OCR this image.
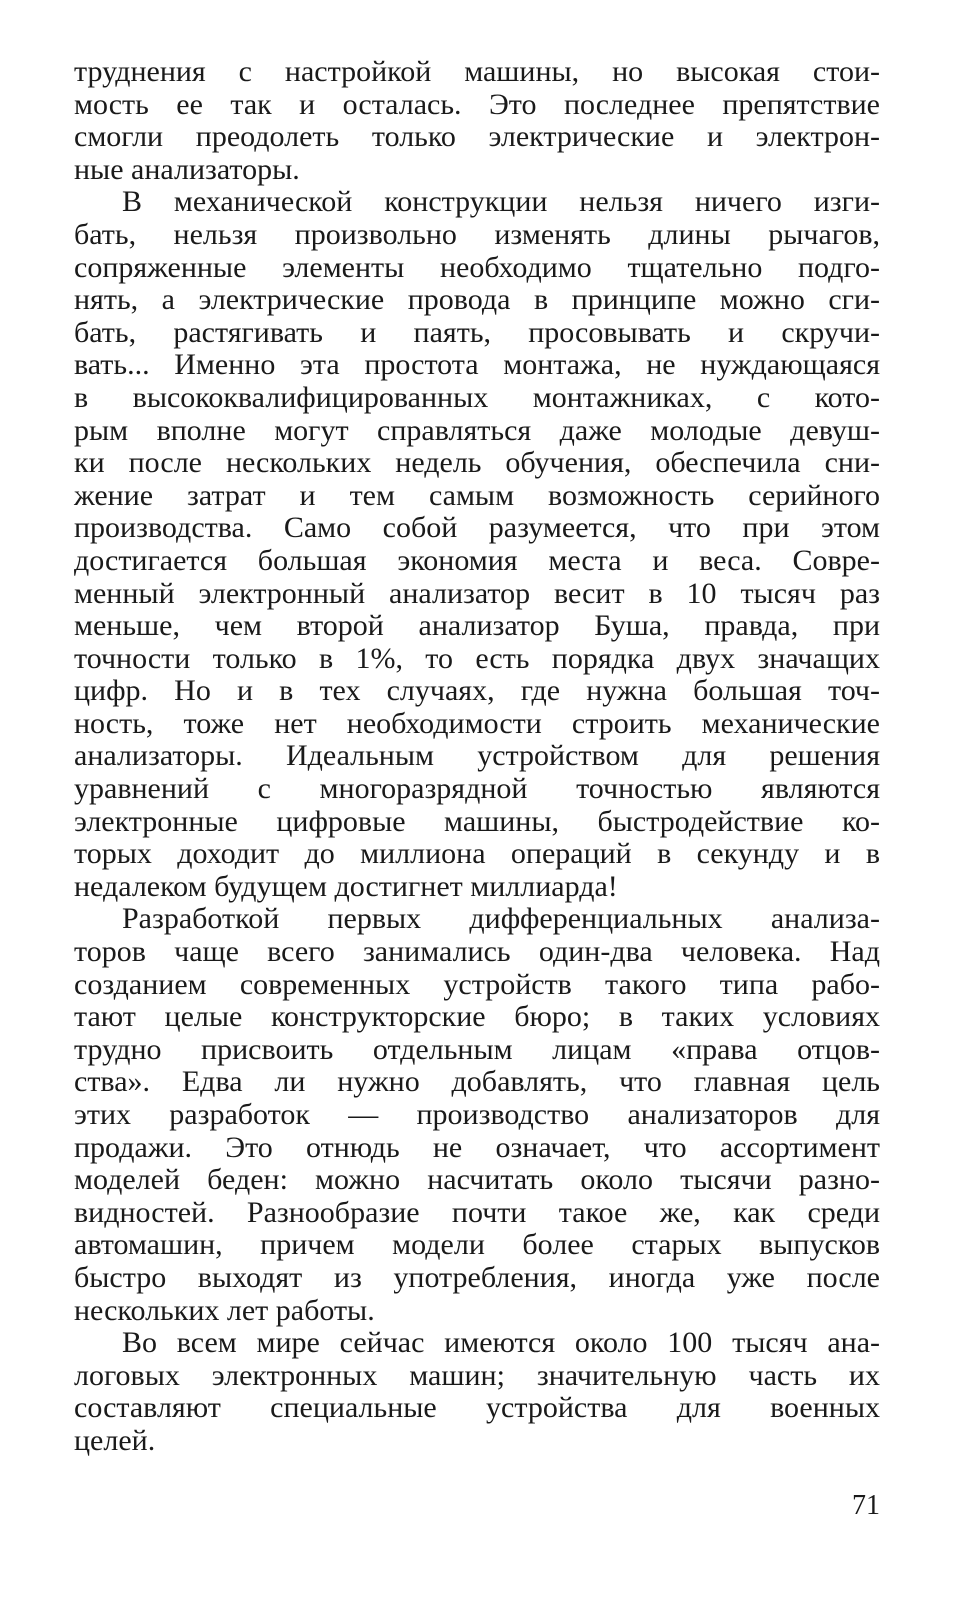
труднения с настройкой машины, но высокая стои-
мость ее так и осталась. Это последнее препятствие
смогли преодолеть только электрические и электрон-
ные анализаторы.
В механической конструкции нельзя ничего изги-
бать, нельзя произвольно изменять длины рычагов,
сопряженные элементы необходимо тщательно подго-
нять, а электрические провода в принципе можно сги-
бать, растягивать и паять, просовывать и скручи-
вать... Именно эта простота монтажа, не нуждающаяся
в высококвалифицированных монтажниках, с кото-
рым вполне могут справляться даже молодые девуш-
ки после нескольких недель обучения, обеспечила сни-
жение затрат и тем самым возможность серийного
производства. Само собой разумеется, что при этом
достигается большая экономия места и веса. Совре-
менный электронный анализатор весит в 10 тысяч раз
меньше, чем второй анализатор Буша, правда, при
точности только в 1%, то есть порядка двух значащих
цифр. Но и в тех случаях, где нужна большая точ-
ность, тоже нет необходимости строить механические
анализаторы. Идеальным устройством для решения
уравнений с многоразрядной точностью являются
электронные цифровые машины, быстродействие ко-
торых доходит до миллиона операций в секунду и в
недалеком будущем достигнет миллиарда!
Разработкой первых дифференциальных анализа-
торов чаще всего занимались один-два человека. Над
созданием современных устройств такого типа рабо-
тают целые конструкторские бюро; в таких условиях
трудно присвоить отдельным лицам «права отцов-
ства». Едва ли нужно добавлять, что главная цель
этих разработок — производство анализаторов для
продажи. Это отнюдь не означает, что ассортимент
моделей беден: можно насчитать около тысячи разно-
видностей. Разнообразие почти такое же, как среди
автомашин, причем модели более старых выпусков
быстро выходят из употребления, иногда уже после
нескольких лет работы.
Во всем мире сейчас имеются около 100 тысяч ана-
логовых электронных машин; значительную часть их
составляют специальные устройства для военных
целей.
71
